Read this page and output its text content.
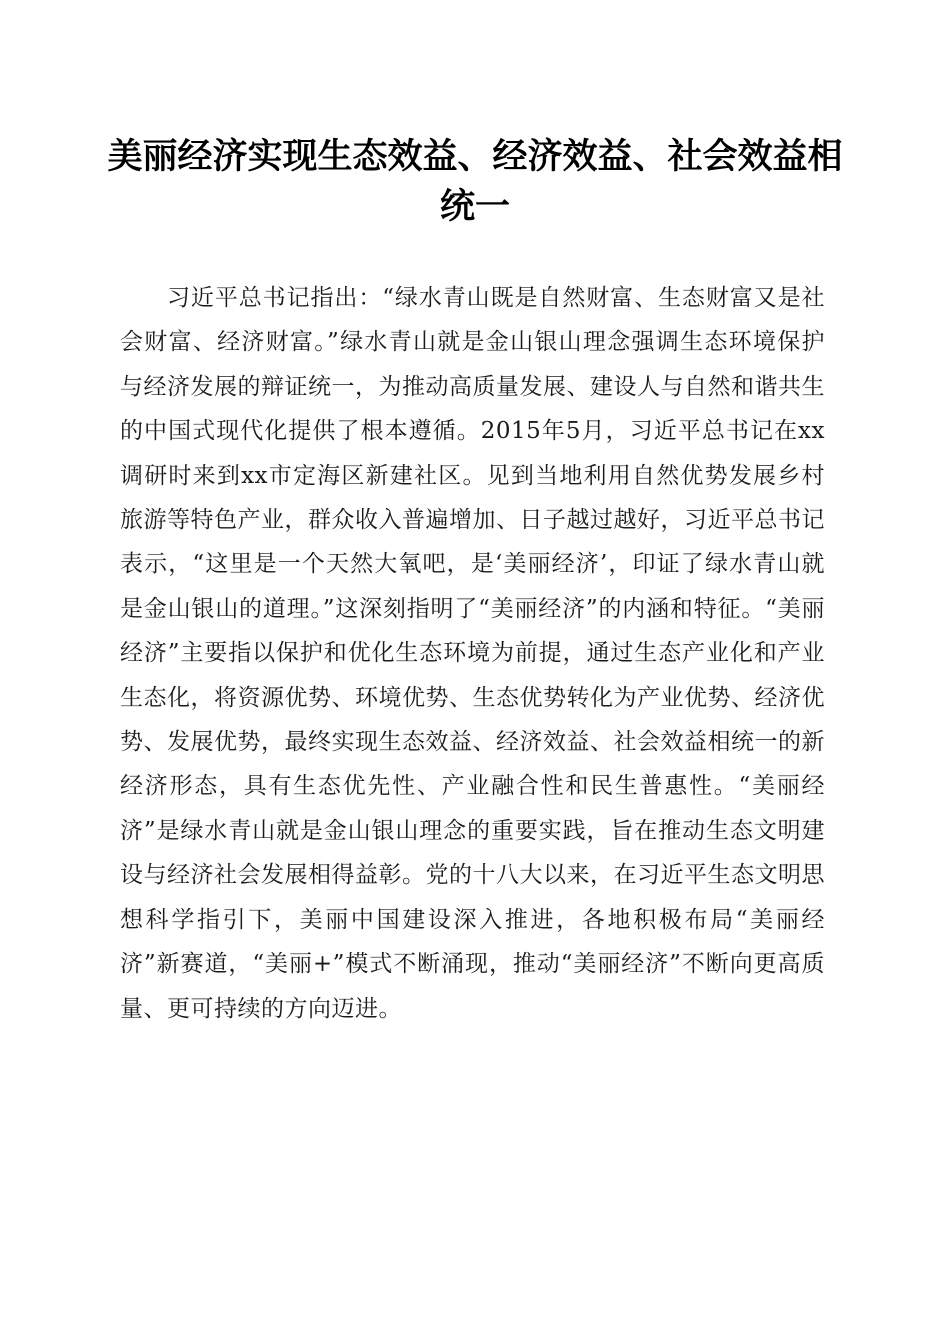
美丽经济实现生态效益、经济效益、社会效益相统一

习近平总书记指出：“绿水青山既是自然财富、生态财富又是社会财富、经济财富。”绿水青山就是金山银山理念强调生态环境保护与经济发展的辩证统一，为推动高质量发展、建设人与自然和谐共生的中国式现代化提供了根本遵循。2015年5月，习近平总书记在xx调研时来到xx市定海区新建社区。见到当地利用自然优势发展乡村旅游等特色产业，群众收入普遍增加、日子越过越好，习近平总书记表示，“这里是一个天然大氧吧，是‘美丽经济’，印证了绿水青山就是金山银山的道理。”这深刻指明了“美丽经济”的内涵和特征。“美丽经济”主要指以保护和优化生态环境为前提，通过生态产业化和产业生态化，将资源优势、环境优势、生态优势转化为产业优势、经济优势、发展优势，最终实现生态效益、经济效益、社会效益相统一的新经济形态，具有生态优先性、产业融合性和民生普惠性。“美丽经济”是绿水青山就是金山银山理念的重要实践，旨在推动生态文明建设与经济社会发展相得益彰。党的十八大以来，在习近平生态文明思想科学指引下，美丽中国建设深入推进，各地积极布局“美丽经济”新赛道，“美丽+”模式不断涌现，推动“美丽经济”不断向更高质量、更可持续的方向迈进。
